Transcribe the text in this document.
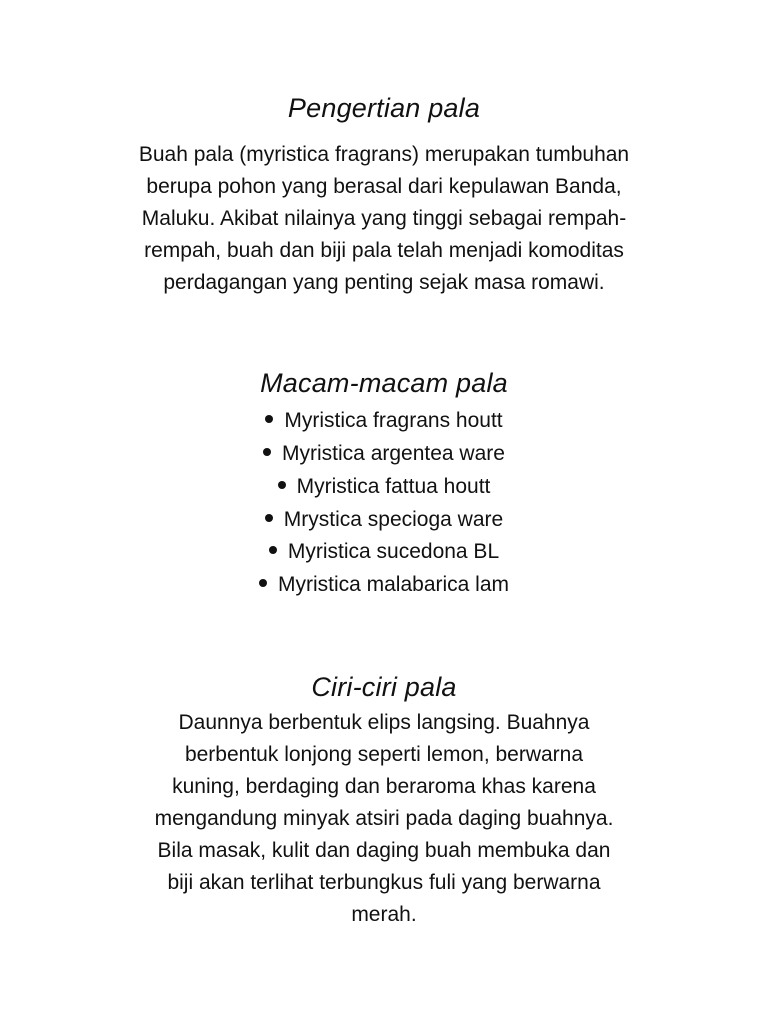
Pengertian pala
Buah pala (myristica fragrans) merupakan tumbuhan
berupa pohon yang berasal dari kepulawan Banda,
Maluku. Akibat nilainya yang tinggi sebagai rempah-
rempah, buah dan biji pala telah menjadi komoditas
perdagangan yang penting sejak masa romawi.
Macam-macam pala
Myristica fragrans houtt
Myristica argentea ware
Myristica fattua houtt
Mrystica specioga ware
Myristica sucedona BL
Myristica malabarica lam
Ciri-ciri pala
Daunnya berbentuk elips langsing. Buahnya
berbentuk lonjong seperti lemon, berwarna
kuning, berdaging dan beraroma khas karena
mengandung minyak atsiri pada daging buahnya.
Bila masak, kulit dan daging buah membuka dan
biji akan terlihat terbungkus fuli yang berwarna
merah.
